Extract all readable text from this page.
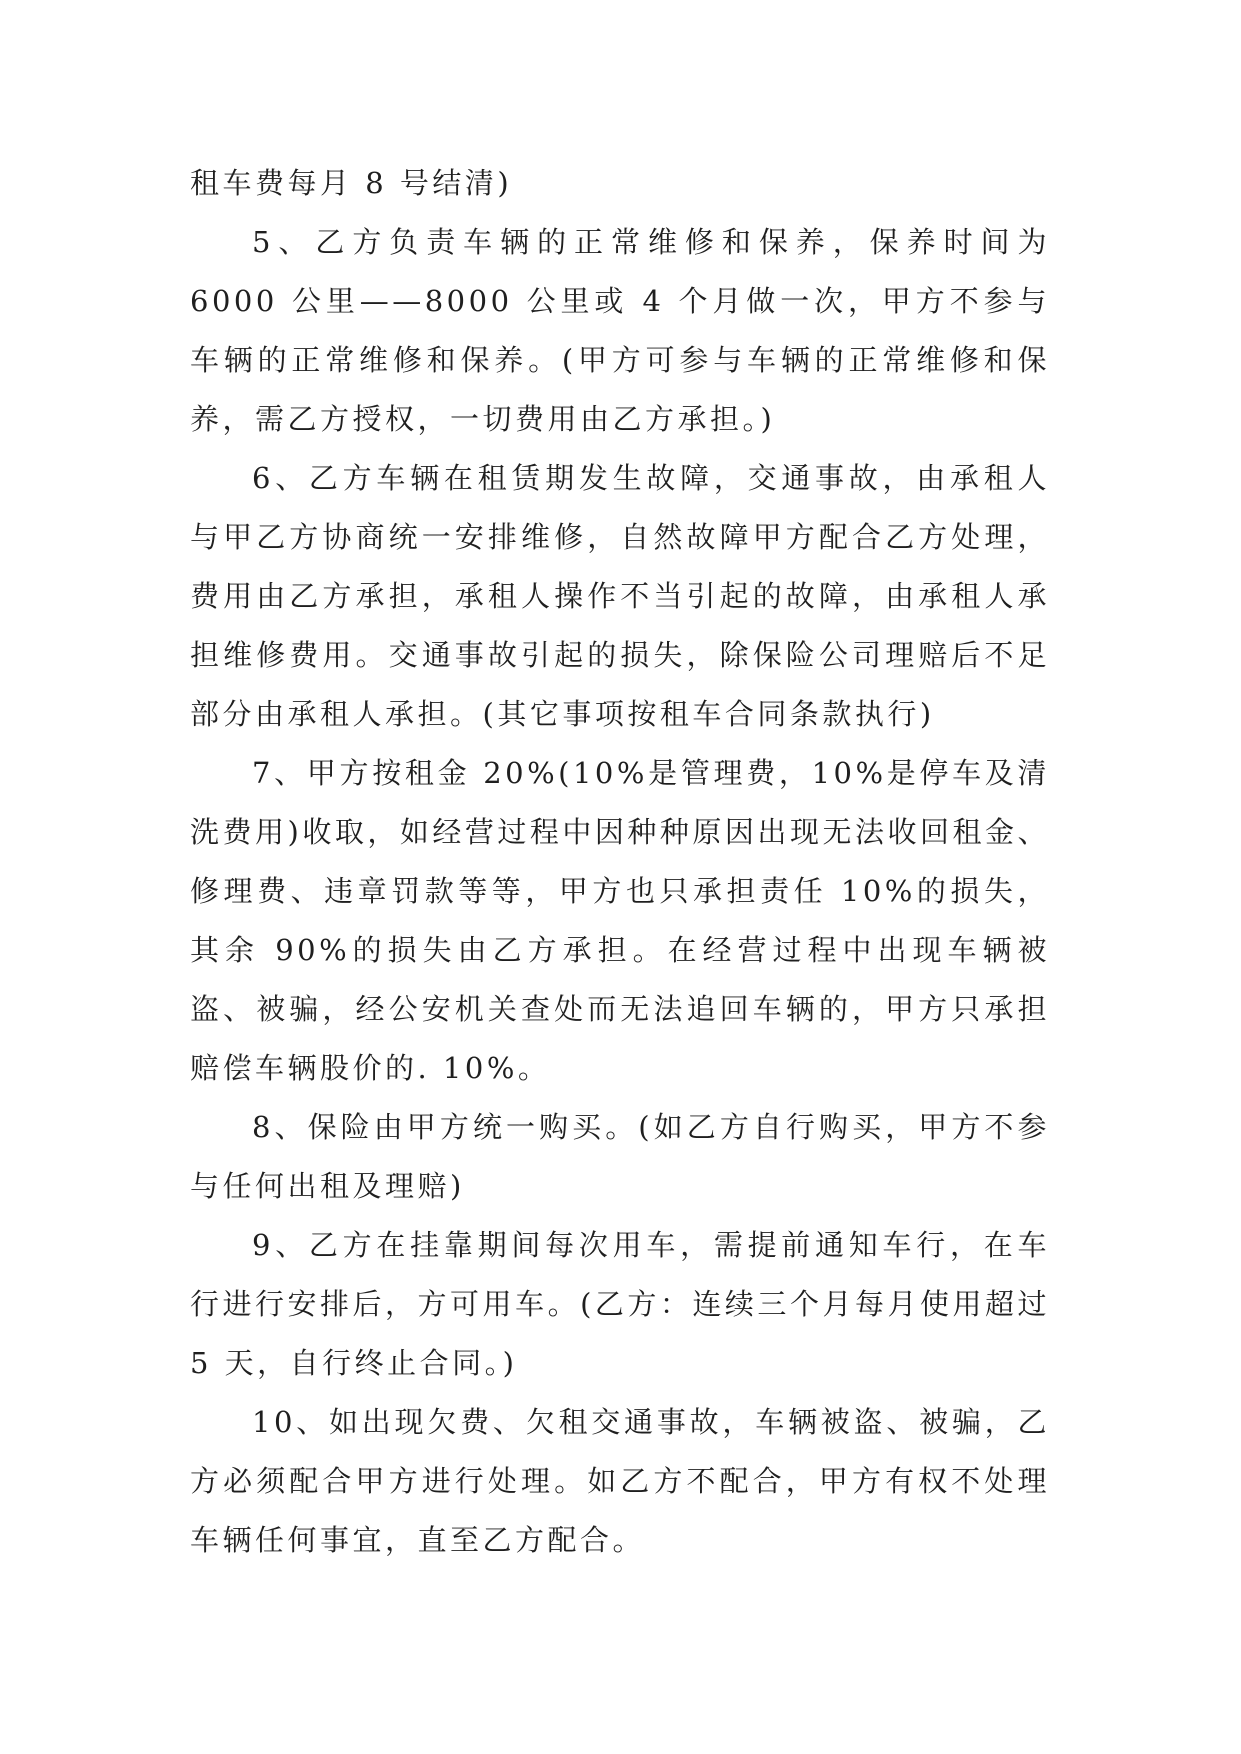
租车费每月 8 号结清)

5、乙方负责车辆的正常维修和保养，保养时间为 6000 公里——8000 公里或 4 个月做一次，甲方不参与车辆的正常维修和保养。(甲方可参与车辆的正常维修和保养，需乙方授权，一切费用由乙方承担。)

6、乙方车辆在租赁期发生故障，交通事故，由承租人与甲乙方协商统一安排维修，自然故障甲方配合乙方处理，费用由乙方承担，承租人操作不当引起的故障，由承租人承担维修费用。交通事故引起的损失，除保险公司理赔后不足部分由承租人承担。(其它事项按租车合同条款执行)

7、甲方按租金 20%(10%是管理费，10%是停车及清洗费用)收取，如经营过程中因种种原因出现无法收回租金、修理费、违章罚款等等，甲方也只承担责任 10%的损失，其余 90%的损失由乙方承担。在经营过程中出现车辆被盗、被骗，经公安机关查处而无法追回车辆的，甲方只承担赔偿车辆股价的. 10%。

8、保险由甲方统一购买。(如乙方自行购买，甲方不参与任何出租及理赔)

9、乙方在挂靠期间每次用车，需提前通知车行，在车行进行安排后，方可用车。(乙方：连续三个月每月使用超过 5 天，自行终止合同。)

10、如出现欠费、欠租交通事故，车辆被盗、被骗，乙方必须配合甲方进行处理。如乙方不配合，甲方有权不处理车辆任何事宜，直至乙方配合。
